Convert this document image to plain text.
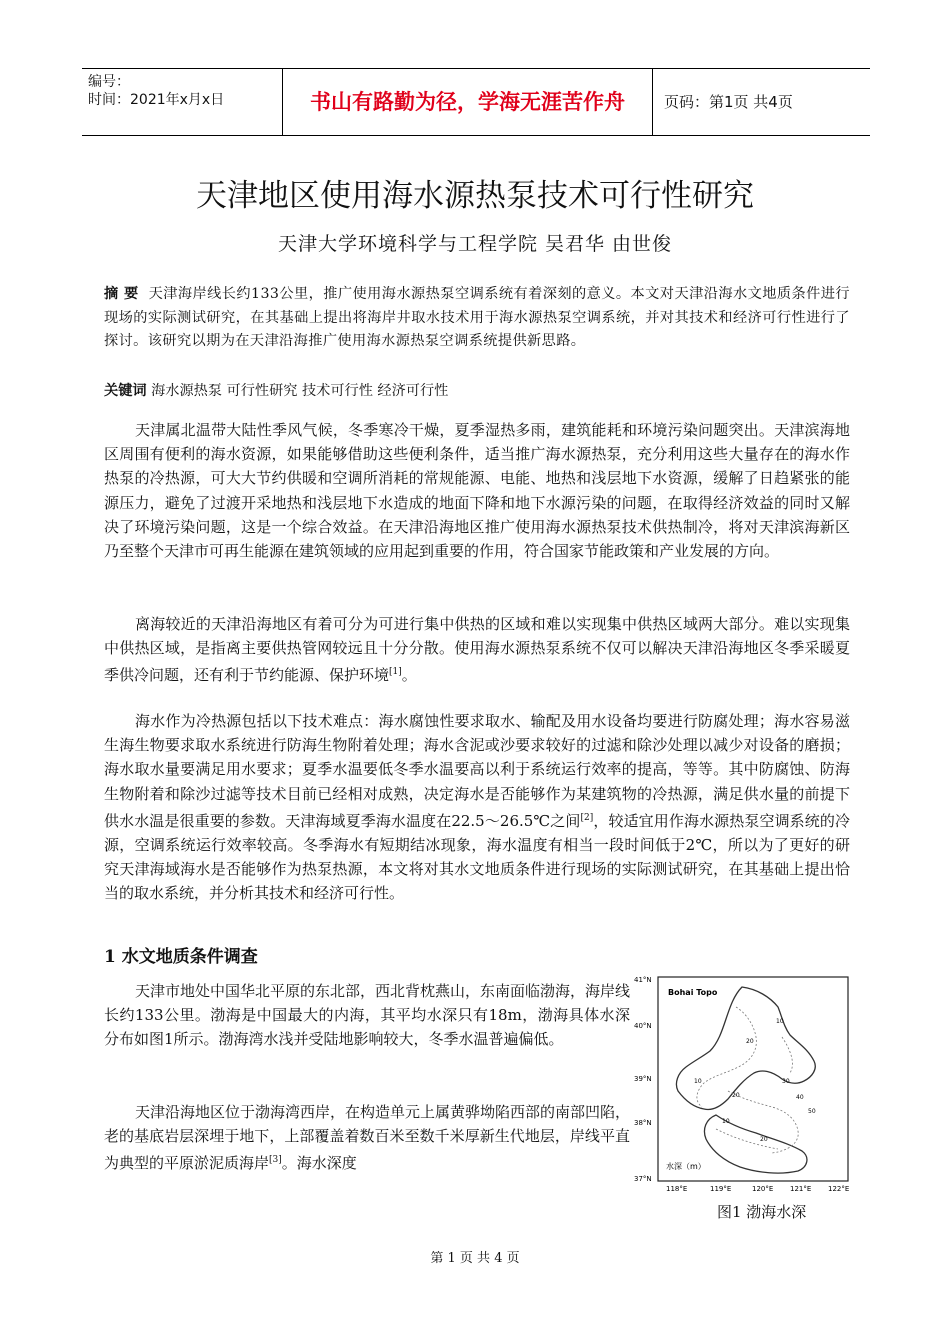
编号：
时间：2021年x月x日	书山有路勤为径，学海无涯苦作舟	页码：第1页 共4页
天津地区使用海水源热泵技术可行性研究
天津大学环境科学与工程学院 吴君华 由世俊
摘 要 天津海岸线长约133公里，推广使用海水源热泵空调系统有着深刻的意义。本文对天津沿海水文地质条件进行现场的实际测试研究，在其基础上提出将海岸井取水技术用于海水源热泵空调系统，并对其技术和经济可行性进行了探讨。该研究以期为在天津沿海推广使用海水源热泵空调系统提供新思路。
关键词 海水源热泵 可行性研究 技术可行性 经济可行性
天津属北温带大陆性季风气候，冬季寒冷干燥，夏季湿热多雨，建筑能耗和环境污染问题突出。天津滨海地区周围有便利的海水资源，如果能够借助这些便利条件，适当推广海水源热泵，充分利用这些大量存在的海水作热泵的冷热源，可大大节约供暖和空调所消耗的常规能源、电能、地热和浅层地下水资源，缓解了日趋紧张的能源压力，避免了过渡开采地热和浅层地下水造成的地面下降和地下水源污染的问题，在取得经济效益的同时又解决了环境污染问题，这是一个综合效益。在天津沿海地区推广使用海水源热泵技术供热制冷，将对天津滨海新区乃至整个天津市可再生能源在建筑领域的应用起到重要的作用，符合国家节能政策和产业发展的方向。
离海较近的天津沿海地区有着可分为可进行集中供热的区域和难以实现集中供热区域两大部分。难以实现集中供热区域，是指离主要供热管网较远且十分分散。使用海水源热泵系统不仅可以解决天津沿海地区冬季采暖夏季供冷问题，还有利于节约能源、保护环境[1]。
海水作为冷热源包括以下技术难点：海水腐蚀性要求取水、输配及用水设备均要进行防腐处理；海水容易滋生海生物要求取水系统进行防海生物附着处理；海水含泥或沙要求较好的过滤和除沙处理以减少对设备的磨损；海水取水量要满足用水要求；夏季水温要低冬季水温要高以利于系统运行效率的提高，等等。其中防腐蚀、防海生物附着和除沙过滤等技术目前已经相对成熟，决定海水是否能够作为某建筑物的冷热源，满足供水量的前提下供水水温是很重要的参数。天津海域夏季海水温度在22.5～26.5℃之间[2]，较适宜用作海水源热泵空调系统的冷源，空调系统运行效率较高。冬季海水有短期结冰现象，海水温度有相当一段时间低于2℃，所以为了更好的研究天津海域海水是否能够作为热泵热源，本文将对其水文地质条件进行现场的实际测试研究，在其基础上提出恰当的取水系统，并分析其技术和经济可行性。
1 水文地质条件调查
天津市地处中国华北平原的东北部，西北背枕燕山，东南面临渤海，海岸线长约133公里。渤海是中国最大的内海，其平均水深只有18m，渤海具体水深分布如图1所示。渤海湾水浅并受陆地影响较大，冬季水温普遍偏低。
天津沿海地区位于渤海湾西岸，在构造单元上属黄骅坳陷西部的南部凹陷，老的基底岩层深埋于地下，上部覆盖着数百米至数千米厚新生代地层，岸线平直为典型的平原淤泥质海岸[3]。海水深度
41°N
40°N
39°N
38°N
37°N
118°E	119°E	120°E 121°E 122°E
Bohai Topo
10
10
10
20
20
20
30
40
50
水深（m）
图1 渤海水深
第 1 页 共 4 页
